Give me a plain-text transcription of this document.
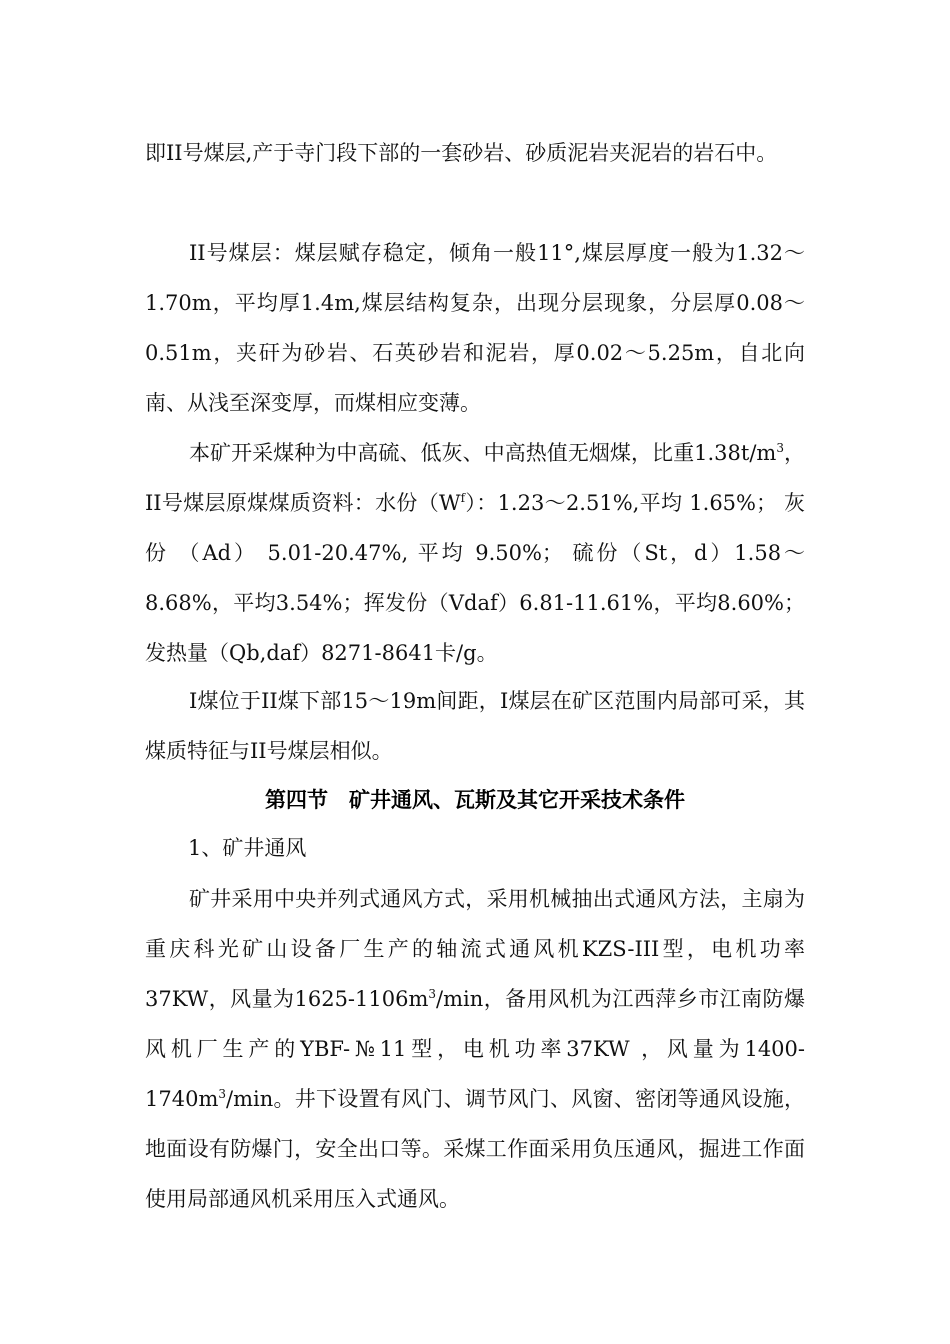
即II号煤层,产于寺门段下部的一套砂岩、砂质泥岩夹泥岩的岩石中。

II号煤层：煤层赋存稳定，倾角一般11°,煤层厚度一般为1.32～1.70m，平均厚1.4m,煤层结构复杂，出现分层现象，分层厚0.08～0.51m，夹矸为砂岩、石英砂岩和泥岩，厚0.02～5.25m，自北向南、从浅至深变厚，而煤相应变薄。

本矿开采煤种为中高硫、低灰、中高热值无烟煤，比重$1.38t/m^3$，II号煤层原煤煤质资料：水份$(W^f)$：1.23～2.51%,平均 1.65%； 灰份 （Ad） 5.01-20.47%, 平均 9.50%； 硫份（St，d）1.58～8.68%，平均3.54%；挥发份（Vdaf）6.81-11.61%，平均8.60%；发热量（Qb,daf）8271-8641卡/g。

I煤位于II煤下部15～19m间距，I煤层在矿区范围内局部可采，其煤质特征与II号煤层相似。

第四节　矿井通风、瓦斯及其它开采技术条件

1、矿井通风

矿井采用中央并列式通风方式，采用机械抽出式通风方法，主扇为重庆科光矿山设备厂生产的轴流式通风机KZS-III型，电机功率37KW，风量为$1625-1106m^3/\min$，备用风机为江西萍乡市江南防爆风机厂生产的YBF-№11型，电机功率37KW ，风量为$1400-1740m^3/\min$。井下设置有风门、调节风门、风窗、密闭等通风设施，地面设有防爆门，安全出口等。采煤工作面采用负压通风，掘进工作面使用局部通风机采用压入式通风。
